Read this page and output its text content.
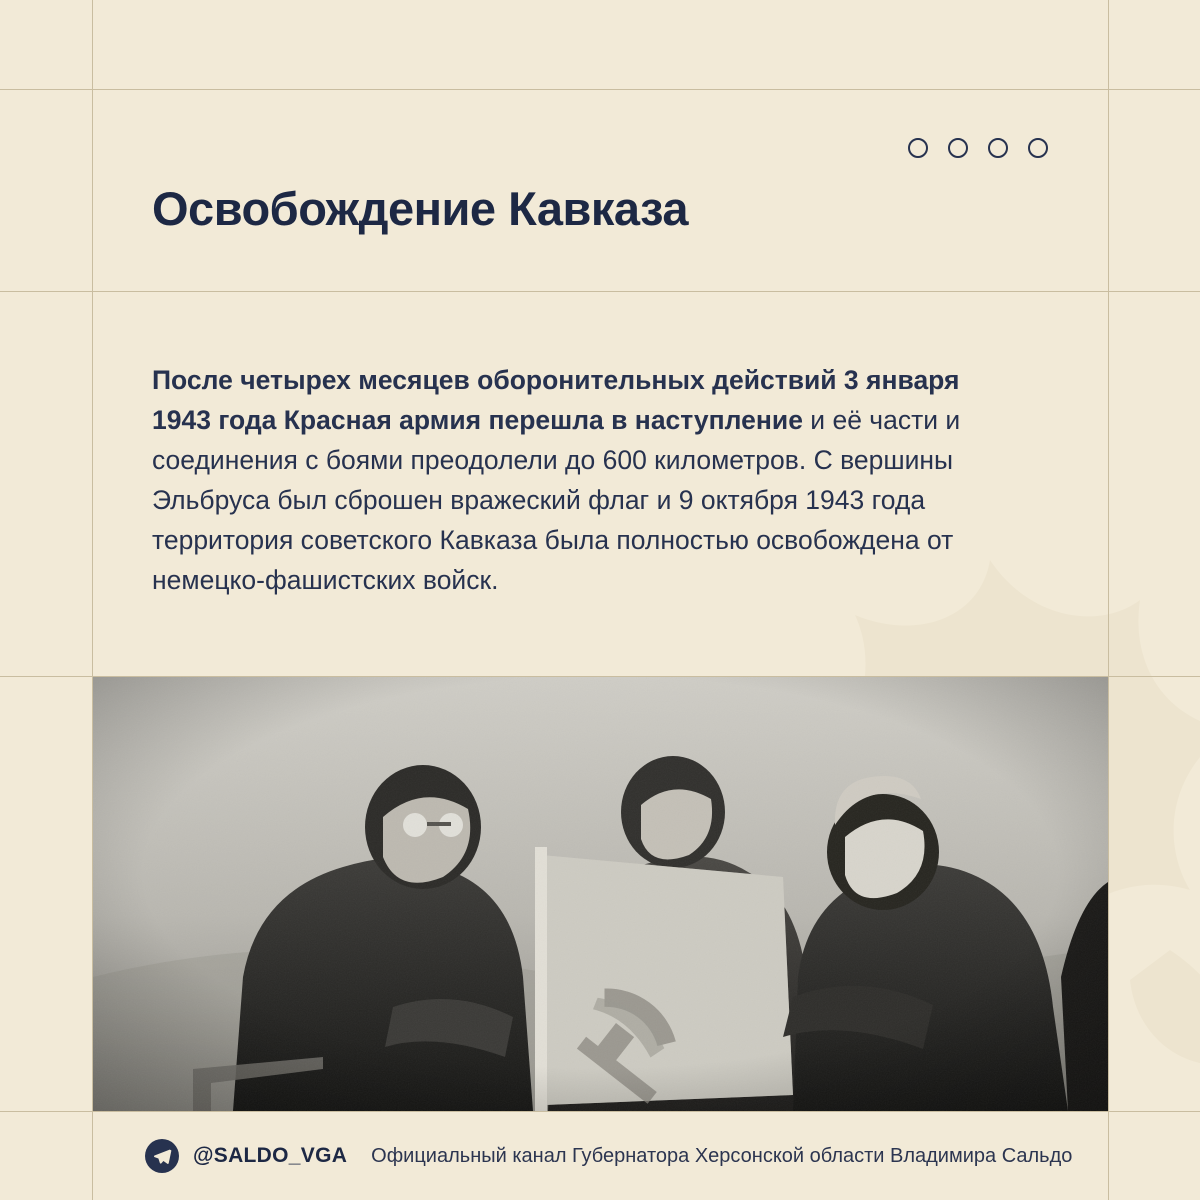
Освобождение Кавказа
После четырех месяцев оборонительных действий 3 января 1943 года Красная армия перешла в наступление и её части и соединения с боями преодолели до 600 километров. С вершины Эльбруса был сброшен вражеский флаг и 9 октября 1943 года территория советского Кавказа была полностью освобождена от немецко-фашистских войск.
@SALDO_VGA Официальный канал Губернатора Херсонской области Владимира Сальдо
